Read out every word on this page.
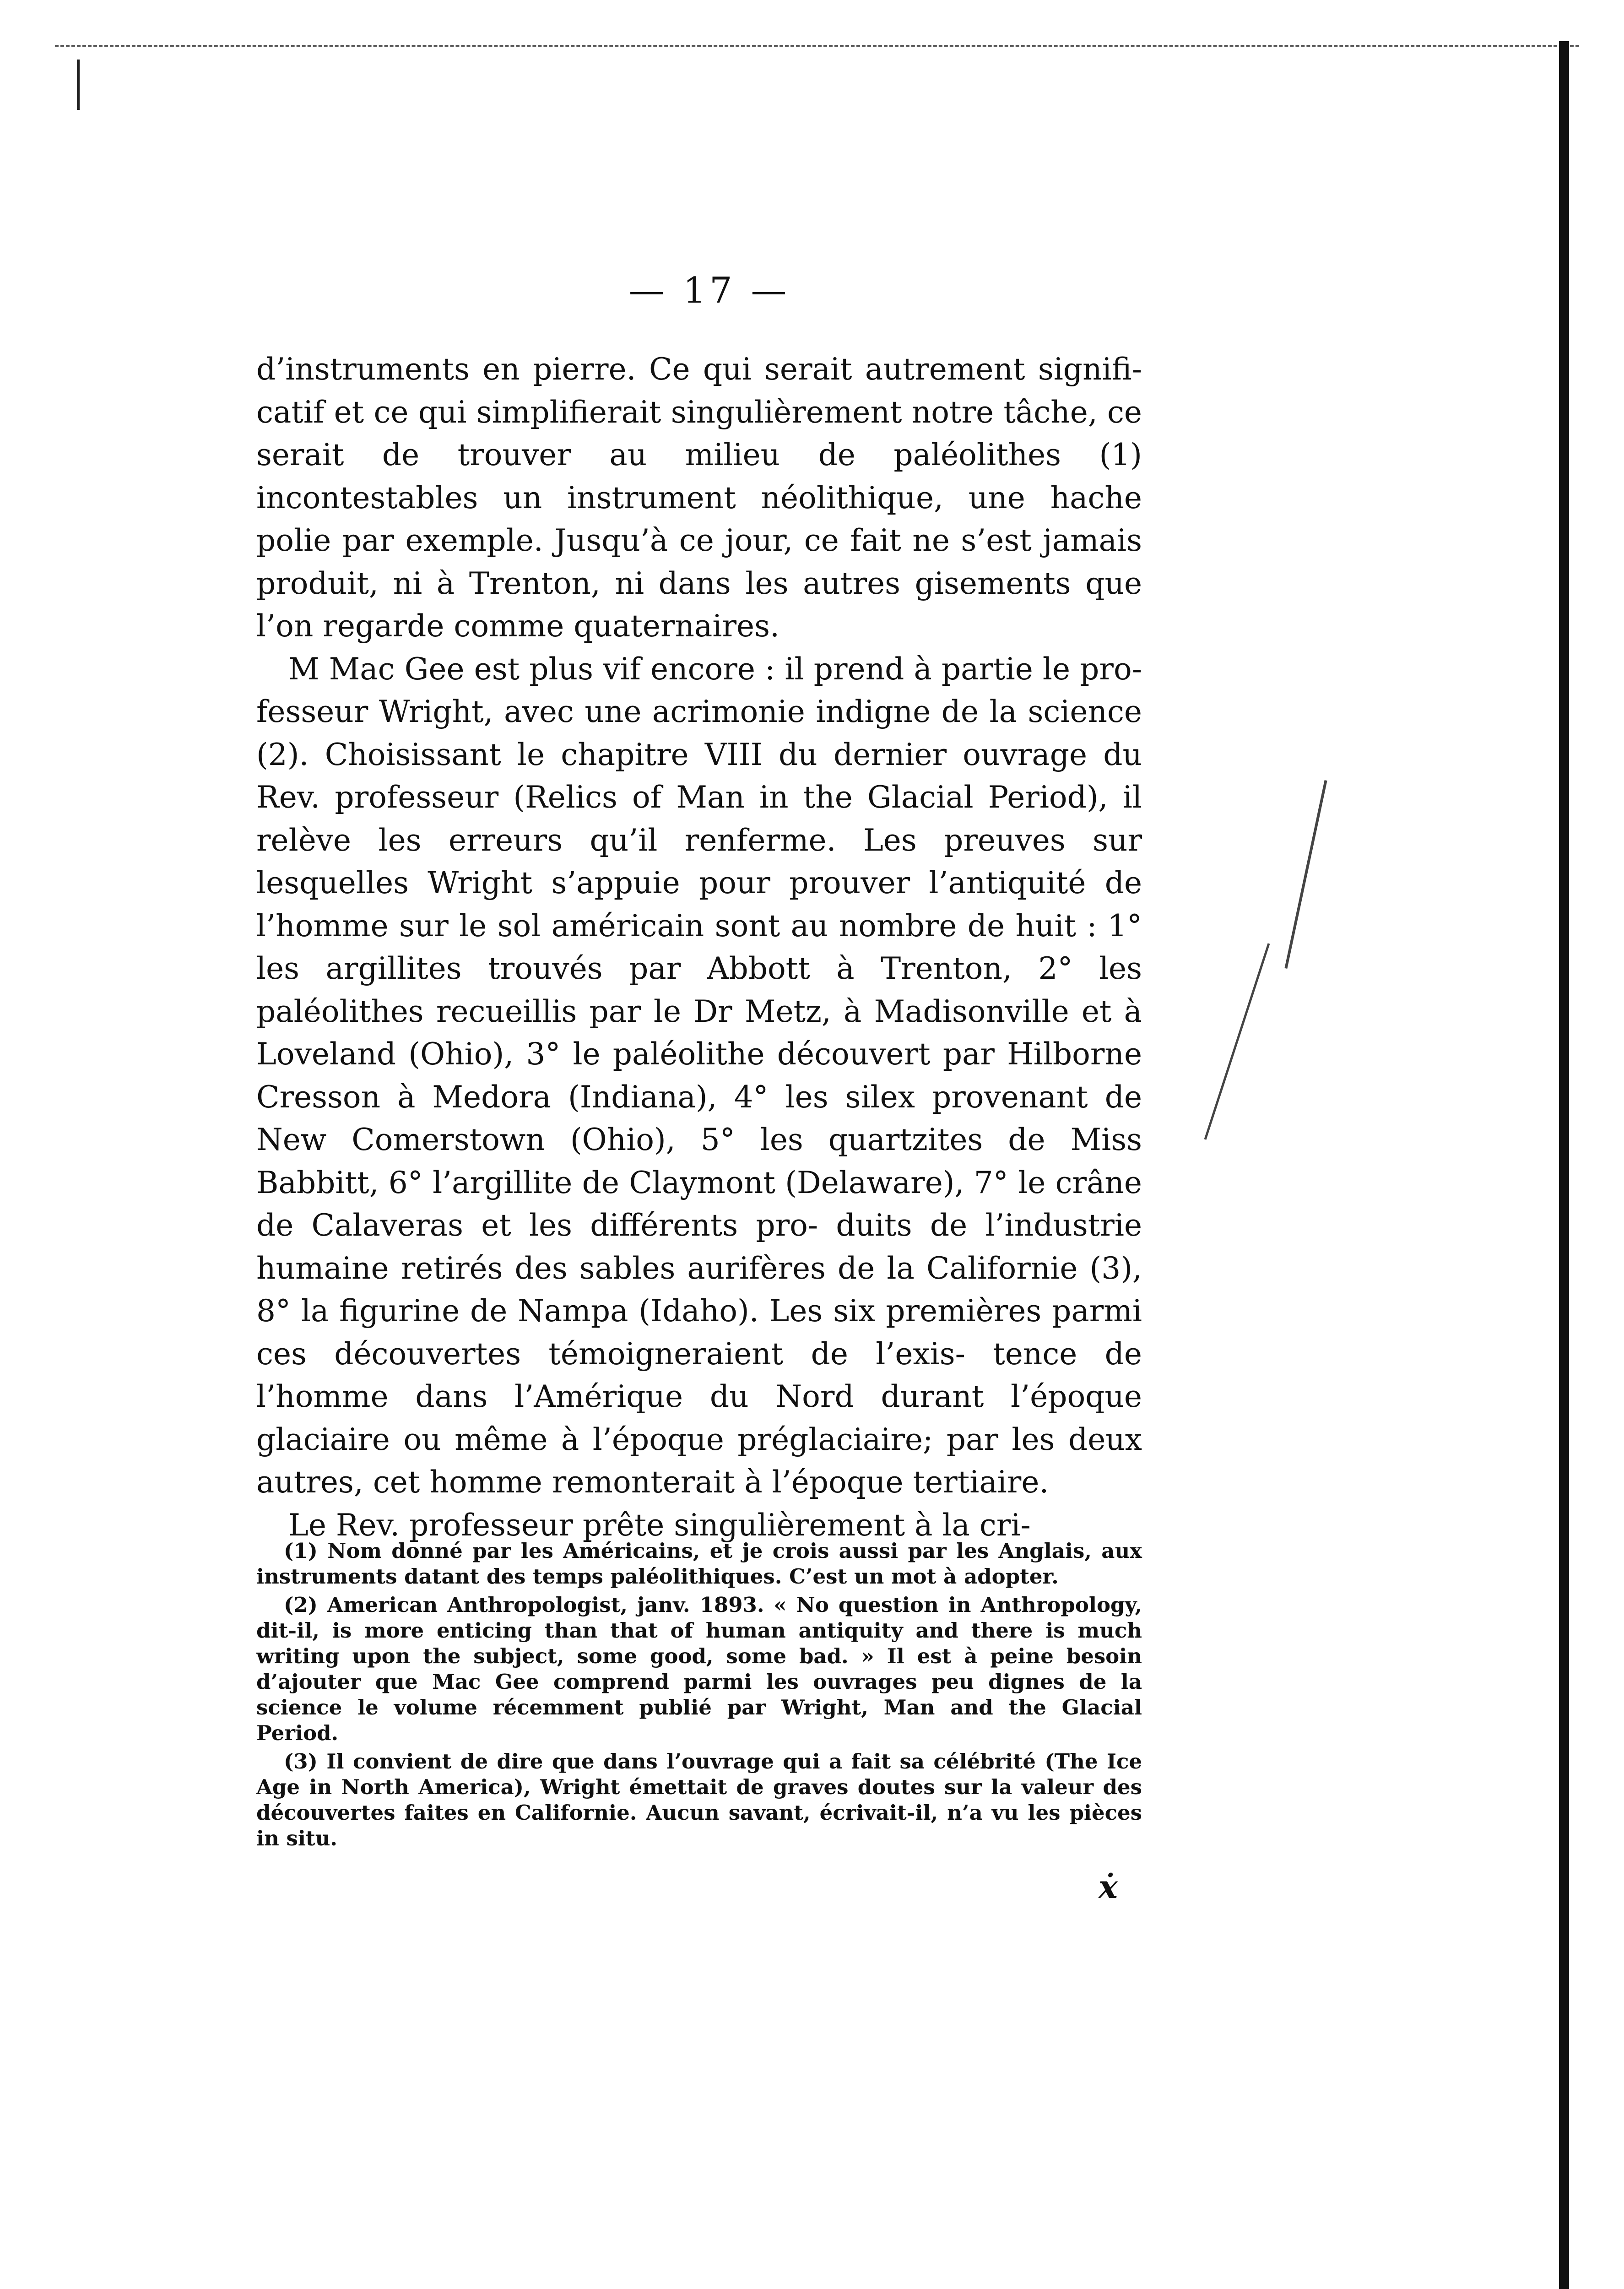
— 17 —

d’instruments en pierre. Ce qui serait autrement signifi- catif et ce qui simplifierait singulièrement notre tâche, ce serait de trouver au milieu de paléolithes (1) incontestables un instrument néolithique, une hache polie par exemple. Jusqu’à ce jour, ce fait ne s’est jamais produit, ni à Trenton, ni dans les autres gisements que l’on regarde comme quaternaires.

M Mac Gee est plus vif encore : il prend à partie le pro- fesseur Wright, avec une acrimonie indigne de la science (2). Choisissant le chapitre VIII du dernier ouvrage du Rev. professeur (Relics of Man in the Glacial Period), il relève les erreurs qu’il renferme. Les preuves sur lesquelles Wright s’appuie pour prouver l’antiquité de l’homme sur le sol américain sont au nombre de huit : 1° les argillites trouvés par Abbott à Trenton, 2° les paléolithes recueillis par le Dr Metz, à Madisonville et à Loveland (Ohio), 3° le paléolithe découvert par Hilborne Cresson à Medora (Indiana), 4° les silex provenant de New Comerstown (Ohio), 5° les quartzites de Miss Babbitt, 6° l’argillite de Claymont (Delaware), 7° le crâne de Calaveras et les différents pro- duits de l’industrie humaine retirés des sables aurifères de la Californie (3), 8° la figurine de Nampa (Idaho). Les six premières parmi ces découvertes témoigneraient de l’exis- tence de l’homme dans l’Amérique du Nord durant l’époque glaciaire ou même à l’époque préglaciaire; par les deux autres, cet homme remonterait à l’époque tertiaire.

Le Rev. professeur prête singulièrement à la cri-

(1) Nom donné par les Américains, et je crois aussi par les Anglais, aux instruments datant des temps paléolithiques. C’est un mot à adopter.

(2) American Anthropologist, janv. 1893. « No question in Anthropology, dit-il, is more enticing than that of human antiquity and there is much writing upon the subject, some good, some bad. » Il est à peine besoin d’ajouter que Mac Gee comprend parmi les ouvrages peu dignes de la science le volume récemment publié par Wright, Man and the Glacial Period.

(3) Il convient de dire que dans l’ouvrage qui a fait sa célébrité (The Ice Age in North America), Wright émettait de graves doutes sur la valeur des découvertes faites en Californie. Aucun savant, écrivait-il, n’a vu les pièces in situ.

ẋ
